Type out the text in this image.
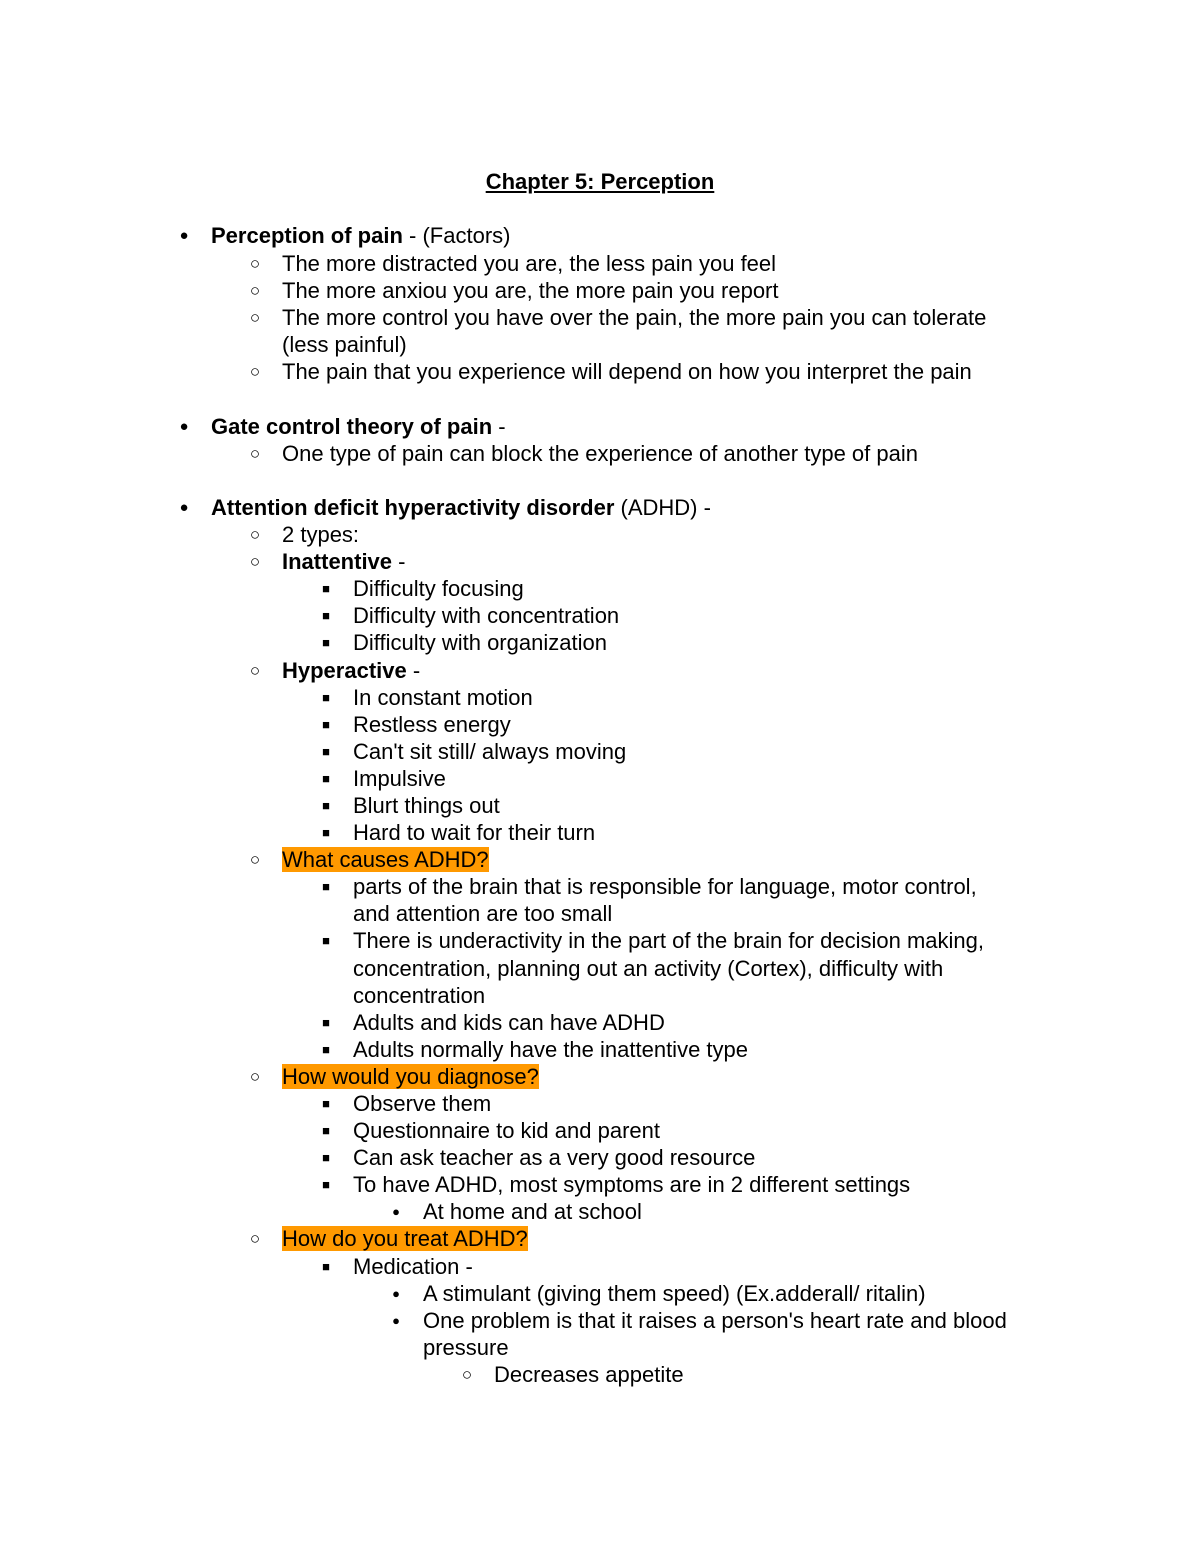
Chapter 5: Perception
● Perception of pain - (Factors)
○ The more distracted you are, the less pain you feel
○ The more anxiou you are, the more pain you report
○ The more control you have over the pain, the more pain you can tolerate
(less painful)
○ The pain that you experience will depend on how you interpret the pain
● Gate control theory of pain -
○ One type of pain can block the experience of another type of pain
● Attention deficit hyperactivity disorder (ADHD) -
○ 2 types:
○ Inattentive -
■ Difficulty focusing
■ Difficulty with concentration
■ Difficulty with organization
○ Hyperactive -
■ In constant motion
■ Restless energy
■ Can't sit still/ always moving
■ Impulsive
■ Blurt things out
■ Hard to wait for their turn
○ What causes ADHD?
■ parts of the brain that is responsible for language, motor control,
and attention are too small
■ There is underactivity in the part of the brain for decision making,
concentration, planning out an activity (Cortex), difficulty with
concentration
■ Adults and kids can have ADHD
■ Adults normally have the inattentive type
○ How would you diagnose?
■ Observe them
■ Questionnaire to kid and parent
■ Can ask teacher as a very good resource
■ To have ADHD, most symptoms are in 2 different settings
● At home and at school
○ How do you treat ADHD?
■ Medication -
● A stimulant (giving them speed) (Ex.adderall/ ritalin)
● One problem is that it raises a person's heart rate and blood
pressure
○ Decreases appetite
